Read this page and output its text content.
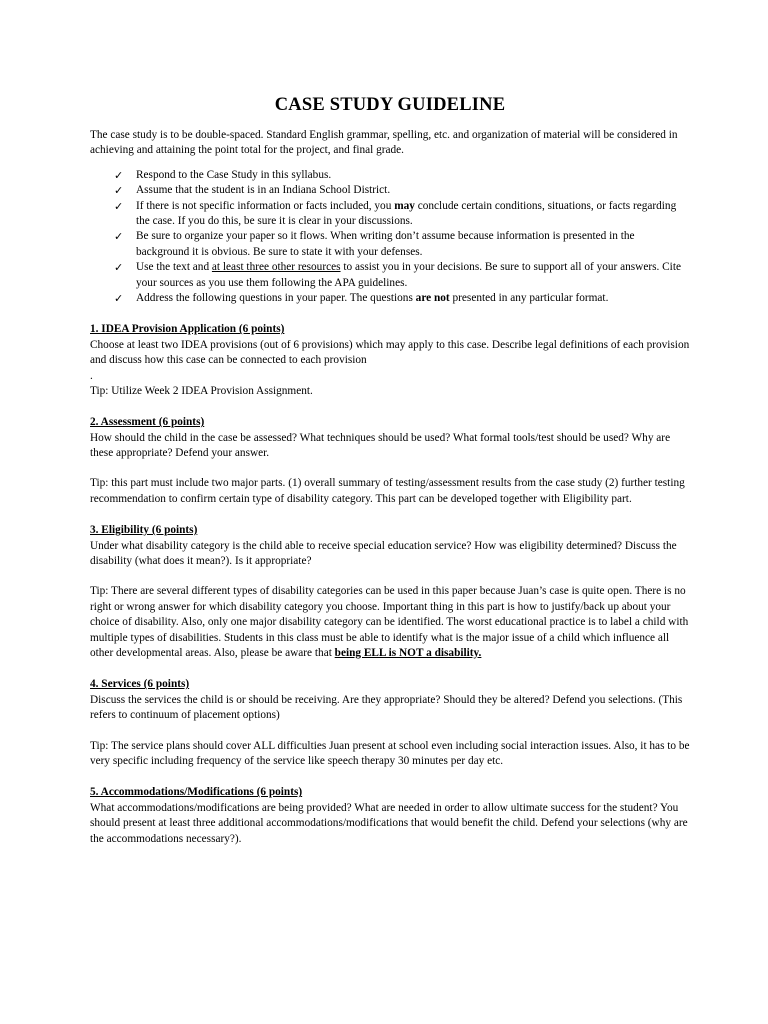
CASE STUDY GUIDELINE

The case study is to be double-spaced. Standard English grammar, spelling, etc. and organization of material will be considered in achieving and attaining the point total for the project, and final grade.

✓ Respond to the Case Study in this syllabus.
✓ Assume that the student is in an Indiana School District.
✓ If there is not specific information or facts included, you may conclude certain conditions, situations, or facts regarding the case. If you do this, be sure it is clear in your discussions.
✓ Be sure to organize your paper so it flows. When writing don’t assume because information is presented in the background it is obvious. Be sure to state it with your defenses.
✓ Use the text and at least three other resources to assist you in your decisions. Be sure to support all of your answers. Cite your sources as you use them following the APA guidelines.
✓ Address the following questions in your paper. The questions are not presented in any particular format.

1. IDEA Provision Application (6 points)

Choose at least two IDEA provisions (out of 6 provisions) which may apply to this case. Describe legal definitions of each provision and discuss how this case can be connected to each provision

.

Tip: Utilize Week 2 IDEA Provision Assignment.

2. Assessment (6 points)

How should the child in the case be assessed? What techniques should be used? What formal tools/test should be used? Why are these appropriate? Defend your answer.

Tip: this part must include two major parts. (1) overall summary of testing/assessment results from the case study (2) further testing recommendation to confirm certain type of disability category. This part can be developed together with Eligibility part.

3. Eligibility (6 points)

Under what disability category is the child able to receive special education service? How was eligibility determined? Discuss the disability (what does it mean?). Is it appropriate?

Tip: There are several different types of disability categories can be used in this paper because Juan’s case is quite open. There is no right or wrong answer for which disability category you choose. Important thing in this part is how to justify/back up about your choice of disability. Also, only one major disability category can be identified. The worst educational practice is to label a child with multiple types of disabilities. Students in this class must be able to identify what is the major issue of a child which influence all other developmental areas. Also, please be aware that being ELL is NOT a disability.

4. Services (6 points)

Discuss the services the child is or should be receiving. Are they appropriate? Should they be altered? Defend you selections. (This refers to continuum of placement options)

Tip: The service plans should cover ALL difficulties Juan present at school even including social interaction issues. Also, it has to be very specific including frequency of the service like speech therapy 30 minutes per day etc.

5. Accommodations/Modifications (6 points)

What accommodations/modifications are being provided? What are needed in order to allow ultimate success for the student? You should present at least three additional accommodations/modifications that would benefit the child. Defend your selections (why are the accommodations necessary?).
